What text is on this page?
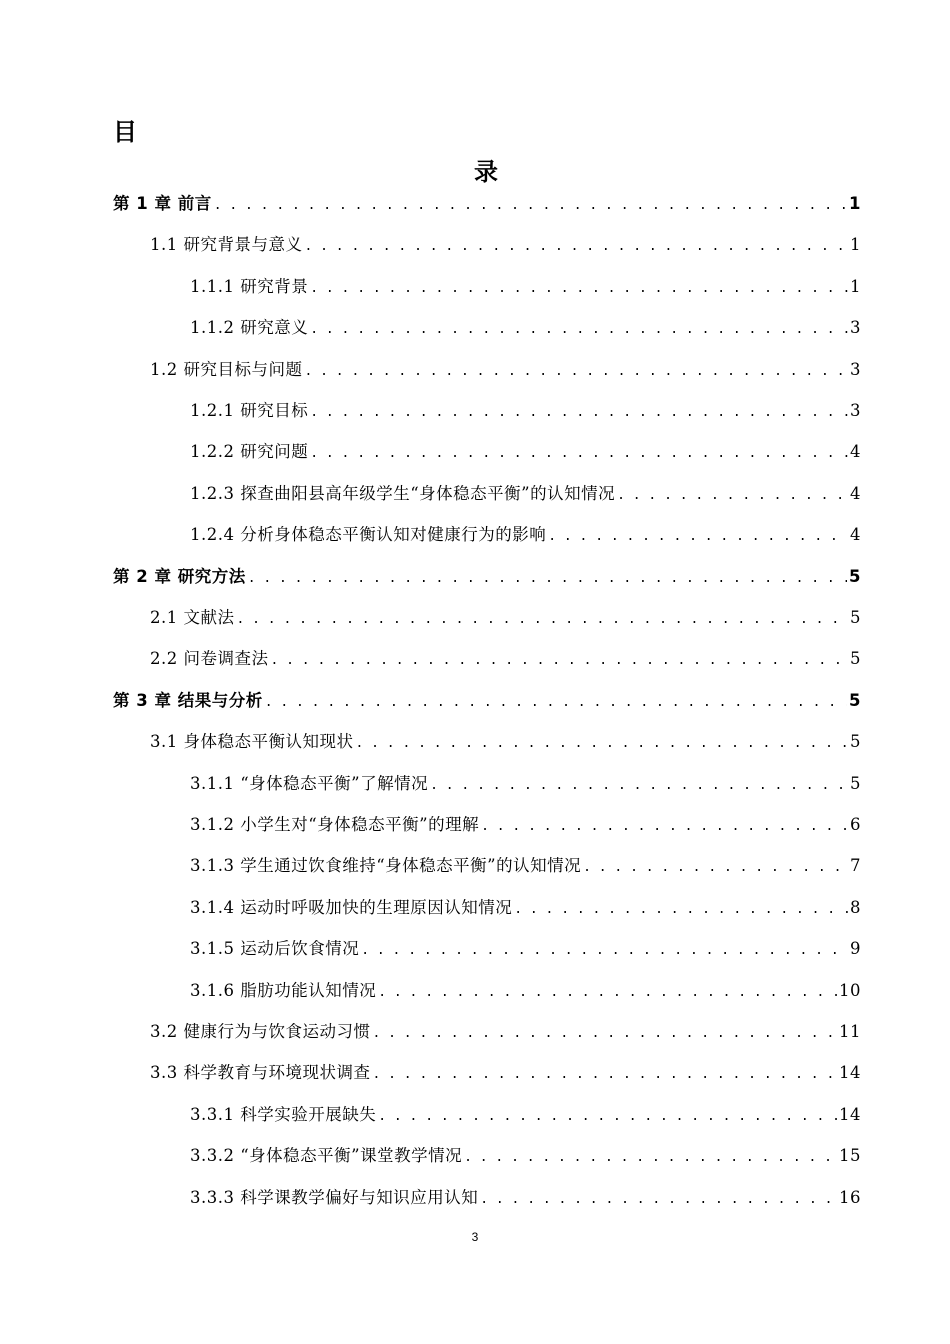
目
录
第 1 章 前言 . . .	1
1.1 研究背景与意义 . . .	1
1.1.1 研究背景 . . .	1
1.1.2 研究意义 . . .	3
1.2 研究目标与问题 . . .	3
1.2.1 研究目标 . . .	3
1.2.2 研究问题 . . .	4
1.2.3 探查曲阳县高年级学生“身体稳态平衡”的认知情况 . . .	4
1.2.4 分析身体稳态平衡认知对健康行为的影响 . . .	4
第 2 章 研究方法 . . .	5
2.1 文献法 . . .	5
2.2 问卷调查法 . . .	5
第 3 章 结果与分析 . . .	5
3.1 身体稳态平衡认知现状 . . .	5
3.1.1 “身体稳态平衡”了解情况 . . .	5
3.1.2 小学生对“身体稳态平衡”的理解 . . .	6
3.1.3 学生通过饮食维持“身体稳态平衡”的认知情况 . . .	7
3.1.4 运动时呼吸加快的生理原因认知情况 . . .	8
3.1.5 运动后饮食情况 . . .	9
3.1.6 脂肪功能认知情况 . . .	10
3.2 健康行为与饮食运动习惯 . . .	11
3.3 科学教育与环境现状调查 . . .	14
3.3.1 科学实验开展缺失 . . .	14
3.3.2 “身体稳态平衡”课堂教学情况 . . .	15
3.3.3 科学课教学偏好与知识应用认知 . . .	16
3
